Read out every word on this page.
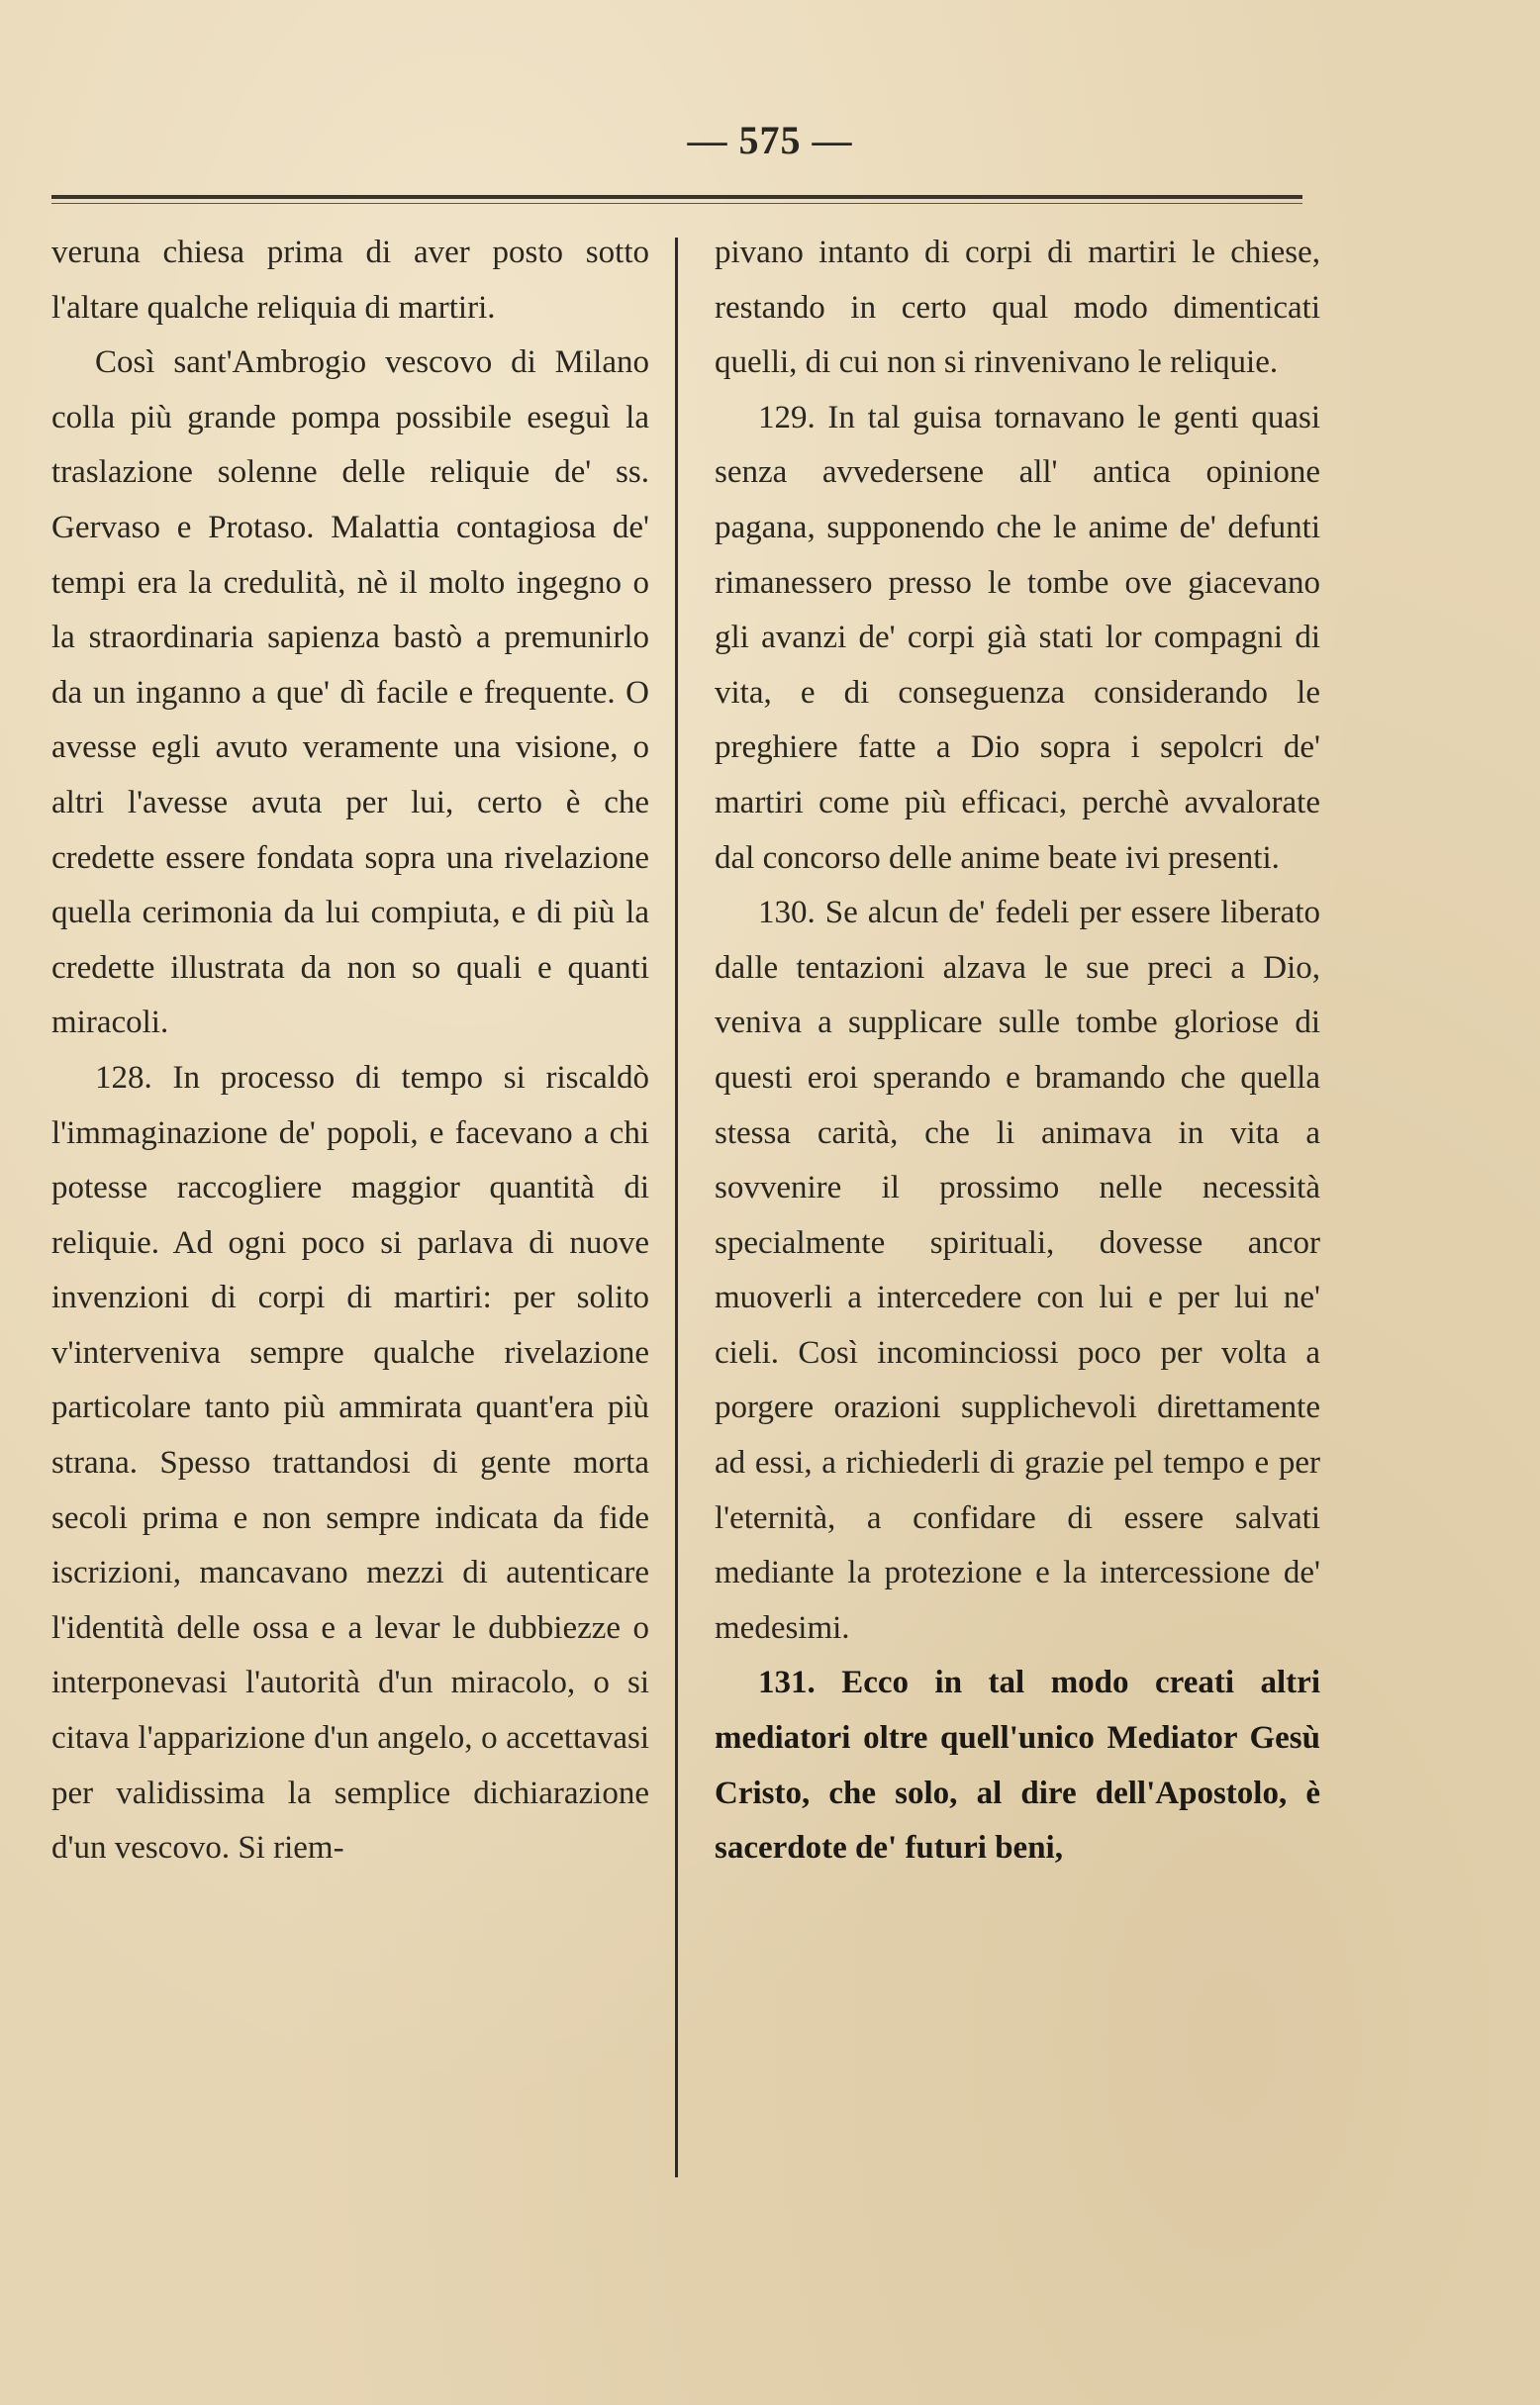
— 575 —

veruna chiesa prima di aver posto sotto l'altare qualche reliquia di martiri.

Così sant'Ambrogio vescovo di Milano colla più grande pompa possibile eseguì la traslazione solenne delle reliquie de' ss. Gervaso e Protaso. Malattia contagiosa de' tempi era la credulità, nè il molto ingegno o la straordinaria sapienza bastò a premunirlo da un inganno a que' dì facile e frequente. O avesse egli avuto veramente una visione, o altri l'avesse avuta per lui, certo è che credette essere fondata sopra una rivelazione quella cerimonia da lui compiuta, e di più la credette illustrata da non so quali e quanti miracoli.

128. In processo di tempo si riscaldò l'immaginazione de' popoli, e facevano a chi potesse raccogliere maggior quantità di reliquie. Ad ogni poco si parlava di nuove invenzioni di corpi di martiri: per solito v'interveniva sempre qualche rivelazione particolare tanto più ammirata quant'era più strana. Spesso trattandosi di gente morta secoli prima e non sempre indicata da fide iscrizioni, mancavano mezzi di autenticare l'identità delle ossa e a levar le dubbiezze o interponevasi l'autorità d'un miracolo, o si citava l'apparizione d'un angelo, o accettavasi per validissima la semplice dichiarazione d'un vescovo. Si riem-

pivano intanto di corpi di martiri le chiese, restando in certo qual modo dimenticati quelli, di cui non si rinvenivano le reliquie.

129. In tal guisa tornavano le genti quasi senza avvedersene all' antica opinione pagana, supponendo che le anime de' defunti rimanessero presso le tombe ove giacevano gli avanzi de' corpi già stati lor compagni di vita, e di conseguenza considerando le preghiere fatte a Dio sopra i sepolcri de' martiri come più efficaci, perchè avvalorate dal concorso delle anime beate ivi presenti.

130. Se alcun de' fedeli per essere liberato dalle tentazioni alzava le sue preci a Dio, veniva a supplicare sulle tombe gloriose di questi eroi sperando e bramando che quella stessa carità, che li animava in vita a sovvenire il prossimo nelle necessità specialmente spirituali, dovesse ancor muoverli a intercedere con lui e per lui ne' cieli. Così incominciossi poco per volta a porgere orazioni supplichevoli direttamente ad essi, a richiederli di grazie pel tempo e per l'eternità, a confidare di essere salvati mediante la protezione e la intercessione de' medesimi.

131. Ecco in tal modo creati altri mediatori oltre quell'unico Mediator Gesù Cristo, che solo, al dire dell'Apostolo, è sacerdote de' futuri beni,
